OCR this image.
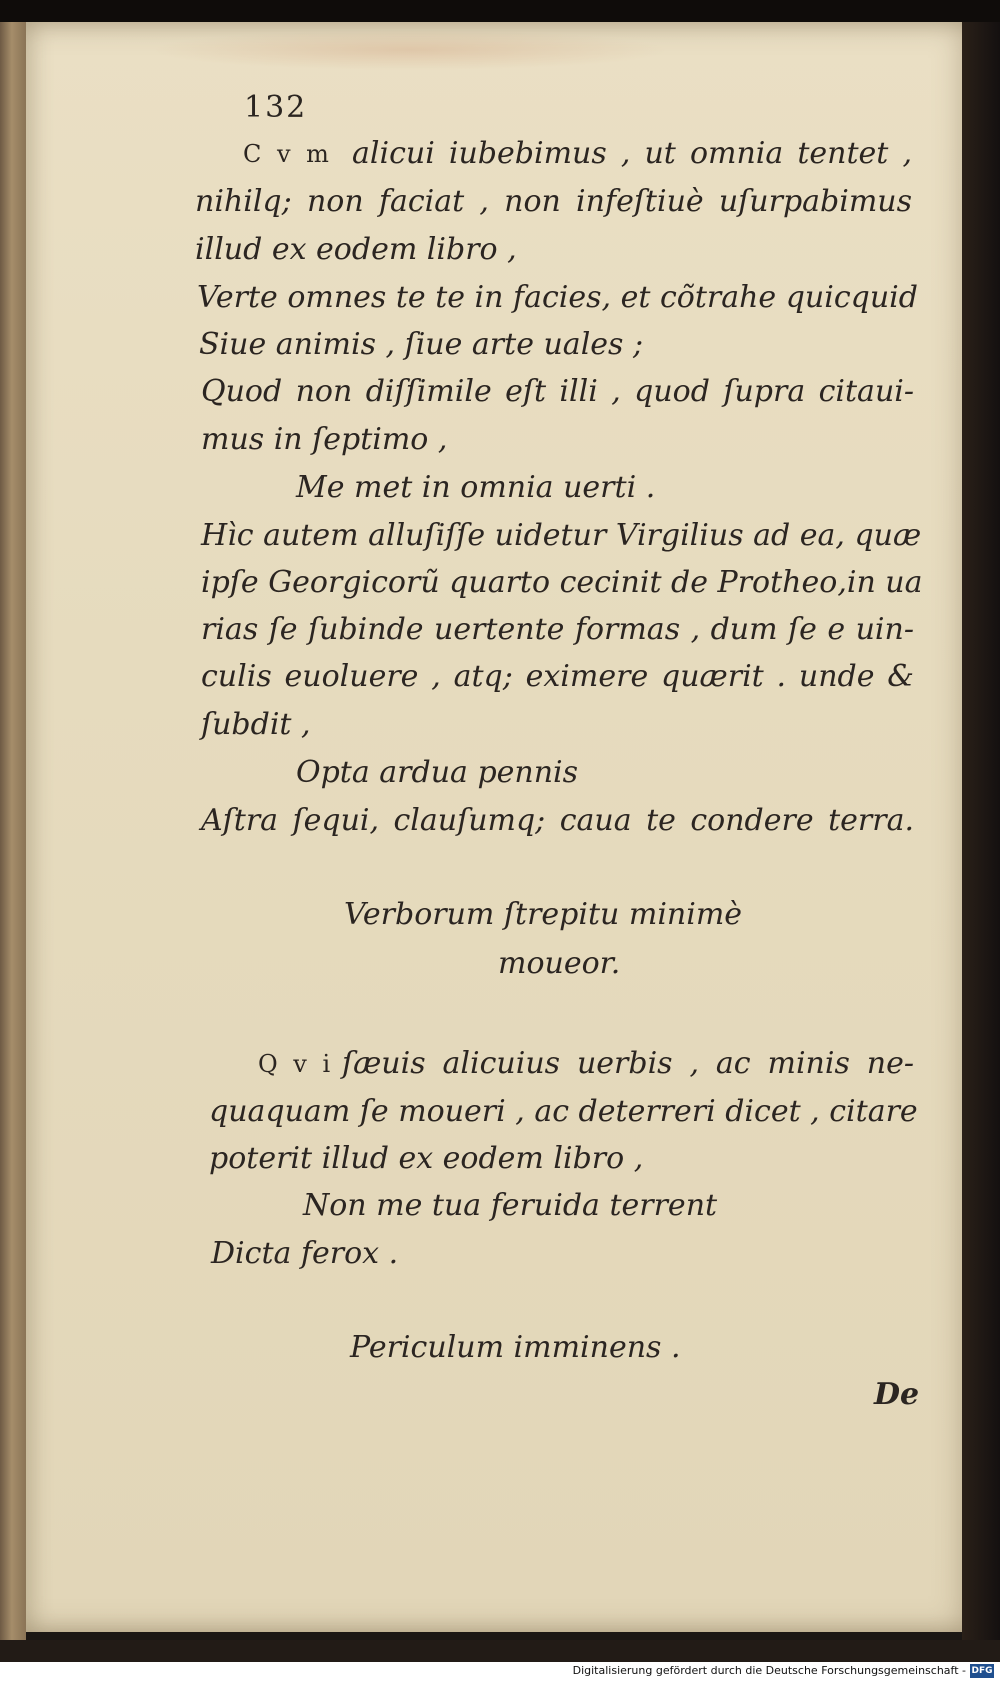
132
C v m alicui iubebimus , ut omnia tentet ,
nihilq; non faciat , non infeſtiuè uſurpabimus
illud ex eodem libro ,
Verte omnes te te in facies, et cõtrahe quicquid
Siue animis , ſiue arte uales ;
Quod non diſſimile eſt illi , quod ſupra citaui-
mus in ſeptimo ,
Me met in omnia uerti .
Hìc autem alluſiſſe uidetur Virgilius ad ea, quæ
ipſe Georgicorũ quarto cecinit de Protheo,in ua
rias ſe ſubinde uertente formas , dum ſe e uin-
culis euoluere , atq; eximere quærit . unde &
ſubdit ,
Opta ardua pennis
Aſtra ſequi, clauſumq; caua te condere terra.
Verborum ſtrepitu minimè
moueor.
Q v i ſæuis alicuius uerbis , ac minis ne-
quaquam ſe moueri , ac deterreri dicet , citare
poterit illud ex eodem libro ,
Non me tua feruida terrent
Dicta ferox .
Periculum imminens .
De
Digitalisierung gefördert durch die Deutsche Forschungsgemeinschaft - DFG
